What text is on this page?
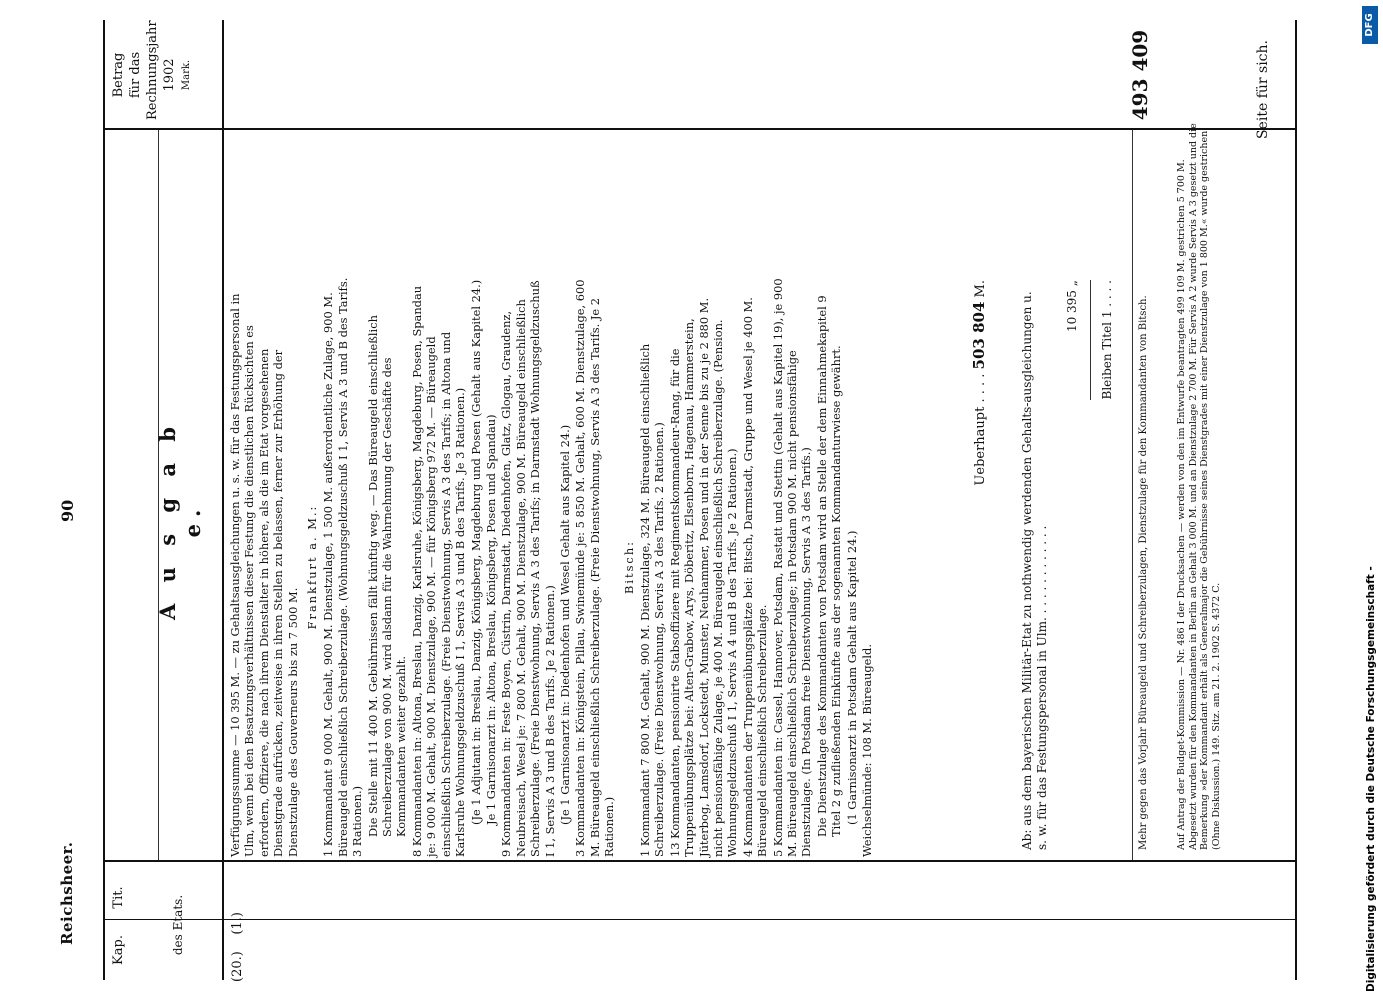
Reichsheer.
90
Kap.
Tit.	des Etats.
Betrag für das Rechnungsjahr 1902 Mark.
A u s g a b e.
(20.)    (1.)

Verfügungssumme — 10 395 M. — zu Gehaltsausgleichungen u. s. w. für das Festungspersonal in Ulm, wenn bei den Besatzungsverhältnissen dieser Festung die dienstlichen Rücksichten es erfordern, Offiziere, die nach ihrem Dienstalter in höhere, als die im Etat vorgesehenen Dienstgrade aufrücken, zeitweise in ihren Stellen zu belassen, ferner zur Erhöhung der Dienstzulage des Gouverneurs bis zu 7 500 M.

Frankfurt a. M.: 1 Kommandant 9 000 M. Gehalt, 900 M. Dienstzulage, 1 500 M. außerordentliche Zulage, 900 M. Büreaugeld einschließlich Schreiberzulage. (Wohnungsgeldzuschuß I 1, Servis A 3 und B des Tarifs. 3 Rationen.) Die Stelle mit 11 400 M. Gebührnissen fällt künftig weg. — Das Büreaugeld einschließlich Schreiberzulage von 900 M. wird alsdann für die Wahrnehmung der Geschäfte des Kommandanten weiter gezahlt. 8 Kommandanten in: Altona, Breslau, Danzig, Karlsruhe, Königsberg, Magdeburg, Posen, Spandau je: 9 000 M. Gehalt, 900 M. Dienstzulage, 900 M. — für Königsberg 972 M. — Büreaugeld einschließlich Schreiberzulage. (Freie Dienstwohnung, Servis A 3 des Tarifs; in Altona und Karlsruhe Wohnungsgeldzuschuß I 1, Servis A 3 und B des Tarifs. Je 3 Rationen.) (Je 1 Adjutant in: Breslau, Danzig, Königsberg, Magdeburg und Posen (Gehalt aus Kapitel 24.) Je 1 Garnisonarzt in: Altona, Breslau, Königsberg, Posen und Spandau) 9 Kommandanten in: Feste Boyen, Cüstrin, Darmstadt, Diedenhofen, Glatz, Glogau, Graudenz, Neubreisach, Wesel je: 7 800 M. Gehalt, 900 M. Dienstzulage, 900 M. Büreaugeld einschließlich Schreiberzulage. (Freie Dienstwohnung, Servis A 3 des Tarifs; in Darmstadt Wohnungsgeldzuschuß I 1, Servis A 3 und B des Tarifs. Je 2 Rationen.) (Je 1 Garnisonarzt in: Diedenhofen und Wesel Gehalt aus Kapitel 24.) 3 Kommandanten in: Königstein, Pillau, Swinemünde je: 5 850 M. Gehalt, 600 M. Dienstzulage, 600 M. Büreaugeld einschließlich Schreiberzulage. (Freie Dienstwohnung, Servis A 3 des Tarifs. Je 2 Rationen.)

Bitsch: 1 Kommandant 7 800 M. Gehalt, 900 M. Dienstzulage, 324 M. Büreaugeld einschließlich Schreiberzulage. (Freie Dienstwohnung, Servis A 3 des Tarifs. 2 Rationen.) 13 Kommandanten, pensionirte Stabsoffiziere mit Regimentskommandeur-Rang, für die Truppenübungsplätze bei: Alten-Grabow, Arys, Döberitz, Elsenborn, Hagenau, Hammerstein, Jüterbog, Lamsdorf, Lockstedt, Munster, Neuhammer, Posen und in der Senne bis zu je 2 880 M. nicht pensionsfähige Zulage, je 400 M. Büreaugeld einschließlich Schreiberzulage. (Pension. Wohnungsgeldzuschuß I 1, Servis A 4 und B des Tarifs. Je 2 Rationen.) 4 Kommandanten der Truppenübungsplätze bei: Bitsch, Darmstadt, Gruppe und Wesel je 400 M. Büreaugeld einschließlich Schreiberzulage. 5 Kommandanten in: Cassel, Hannover, Potsdam, Rastatt und Stettin (Gehalt aus Kapitel 19), je 900 M. Büreaugeld einschließlich Schreiberzulage; in Potsdam 900 M. nicht pensionsfähige Dienstzulage. (In Potsdam freie Dienstwohnung, Servis A 3 des Tarifs.) Die Dienstzulage des Kommandanten von Potsdam wird an Stelle der dem Einnahmekapitel 9 Titel 2 g zufließenden Einkünfte aus der sogenannten Kommandanturwiese gewährt. (1 Garnisonarzt in Potsdam Gehalt aus Kapitel 24.) Weichselmünde: 108 M. Büreaugeld.

Ueberhaupt . . . . 503 804 M.
Ab: aus dem bayerischen Militär-Etat zu nothwendig werdenden Gehalts-ausgleichungen u. s. w. für das Festungspersonal in Ulm. . . . . . . . . . . . .
10 395 „ Bleiben Titel 1 . . . . Mehr gegen das Vorjahr Büreaugeld und Schreiberzulagen, Dienstzulage für den Kommandanten von Bitsch.	Auf Antrag der Budget-Kommission — Nr. 486 I der Drucksachen — werden von den im Entwurfe beantragten 499 109 M. gestrichen 5 700 M. Abgesetzt wurden für den Kommandanten in Berlin an Gehalt 3 000 M. und an Dienstzulage 2 700 M. Für Servis A 2 wurde Servis A 3 gesetzt und die Bemerkung »der Kommandant erhält als Generalmajor die Gebührnisse seines Dienstgrades mit einer Dienstzulage von 1 800 M.« wurde gestrichen. (Ohne Diskussion.) 149. Sitz. am 21. 2. 1902 S. 4372 C.
493 409	Seite für sich.
Digitalisierung gefördert durch die Deutsche Forschungsgemeinschaft -
DFG
